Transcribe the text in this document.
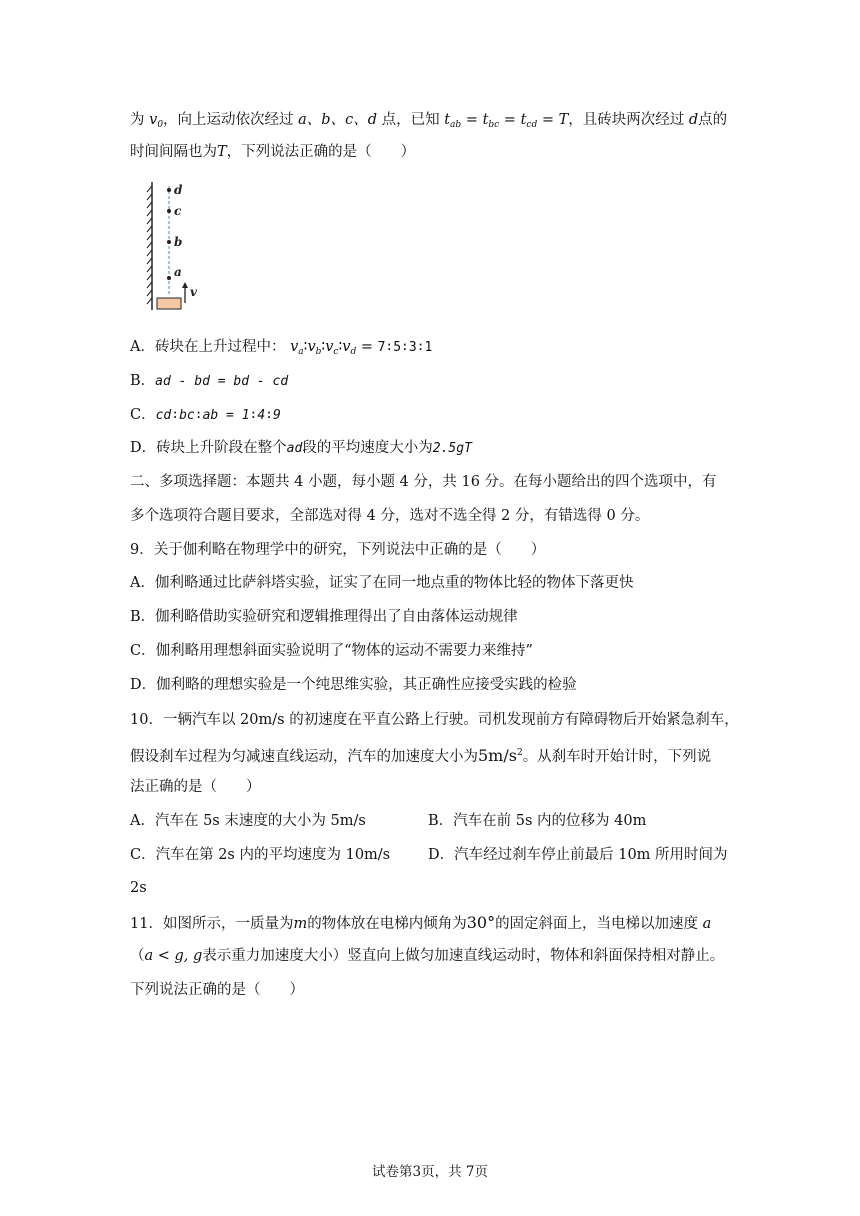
为 $v_0$，向上运动依次经过 a、b、c、d 点，已知 $t_{ab} = t_{bc} = t_{cd} = T$，且砖块两次经过 d点的
时间间隔也为T，下列说法正确的是（　　）
d
c
b
a
v
A．砖块在上升过程中： $v_a∶v_b∶v_c∶v_d$ = 7∶5∶3∶1
B．ad - bd = bd - cd
C．cd∶bc∶ab = 1∶4∶9
D．砖块上升阶段在整个ad段的平均速度大小为2.5gT
二、多项选择题：本题共 4 小题，每小题 4 分，共 16 分。在每小题给出的四个选项中，有
多个选项符合题目要求，全部选对得 4 分，选对不选全得 2 分，有错选得 0 分。
9．关于伽利略在物理学中的研究，下列说法中正确的是（　　）
A．伽利略通过比萨斜塔实验，证实了在同一地点重的物体比轻的物体下落更快
B．伽利略借助实验研究和逻辑推理得出了自由落体运动规律
C．伽利略用理想斜面实验说明了“物体的运动不需要力来维持”
D．伽利略的理想实验是一个纯思维实验，其正确性应接受实践的检验
10．一辆汽车以 20m/s 的初速度在平直公路上行驶。司机发现前方有障碍物后开始紧急刹车，
假设刹车过程为匀减速直线运动，汽车的加速度大小为$5m/s^2$。从刹车时开始计时，下列说
法正确的是（　　）
A．汽车在 5s 末速度的大小为 5m/s	B．汽车在前 5s 内的位移为 40m
C．汽车在第 2s 内的平均速度为 10m/s	D．汽车经过刹车停止前最后 10m 所用时间为
2s
11．如图所示，一质量为m的物体放在电梯内倾角为30°的固定斜面上，当电梯以加速度 a
（a < g, g表示重力加速度大小）竖直向上做匀加速直线运动时，物体和斜面保持相对静止。
下列说法正确的是（　　）
试卷第3页，共 7页
